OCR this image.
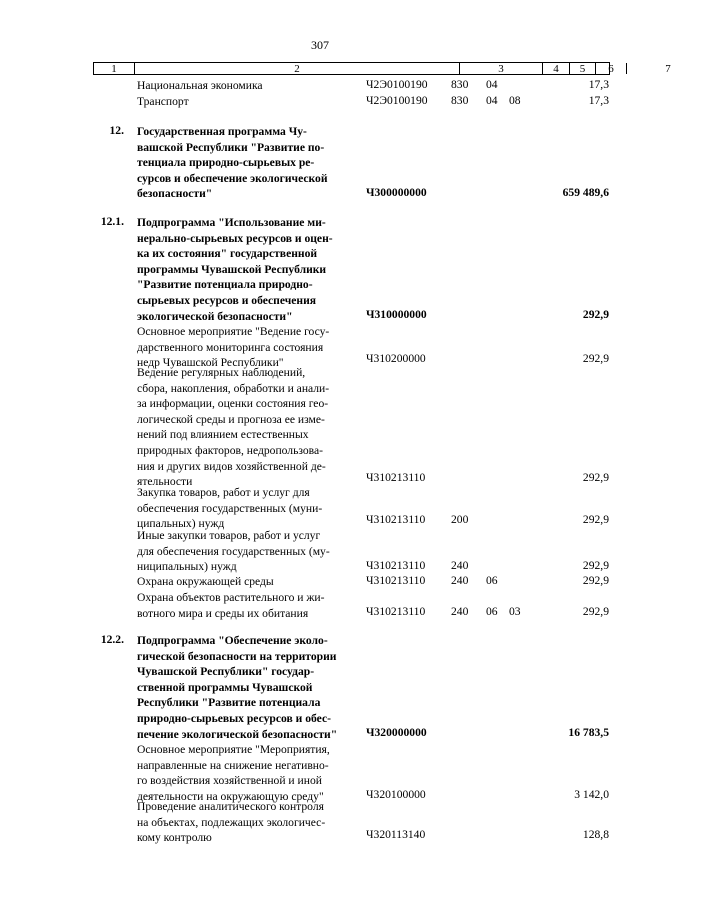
307
1	2	3	4	5	6	7
Национальная экономика	Ч2Э0100190	830	04	17,3
Транспорт	Ч2Э0100190	830	04 08	17,3
12. Государственная программа Чу-
вашской Республики "Развитие по-
тенциала природно-сырьевых ре-
сурсов и обеспечение экологической
безопасности"	Ч300000000	659 489,6
12.1. Подпрограмма "Использование ми-
нерально-сырьевых ресурсов и оцен-
ка их состояния" государственной
программы Чувашской Республики
"Развитие потенциала природно-
сырьевых ресурсов и обеспечения
экологической безопасности"	Ч310000000	292,9
Основное мероприятие "Ведение госу-
дарственного мониторинга состояния
недр Чувашской Республики"	Ч310200000	292,9
Ведение регулярных наблюдений,
сбора, накопления, обработки и анали-
за информации, оценки состояния гео-
логической среды и прогноза ее изме-
нений под влиянием естественных
природных факторов, недропользова-
ния и других видов хозяйственной де-
ятельности	Ч310213110	292,9
Закупка товаров, работ и услуг для
обеспечения государственных (муни-
ципальных) нужд	Ч310213110	200	292,9
Иные закупки товаров, работ и услуг
для обеспечения государственных (му-
ниципальных) нужд	Ч310213110	240	292,9
Охрана окружающей среды	Ч310213110	240	06	292,9
Охрана объектов растительного и жи-
вотного мира и среды их обитания	Ч310213110	240	06 03	292,9
12.2. Подпрограмма "Обеспечение эколо-
гической безопасности на территории
Чувашской Республики" государ-
ственной программы Чувашской
Республики "Развитие потенциала
природно-сырьевых ресурсов и обес-
печение экологической безопасности"	Ч320000000	16 783,5
Основное мероприятие "Мероприятия,
направленные на снижение негативно-
го воздействия хозяйственной и иной
деятельности на окружающую среду"	Ч320100000	3 142,0
Проведение аналитического контроля
на объектах, подлежащих экологичес-
кому контролю	Ч320113140	128,8
